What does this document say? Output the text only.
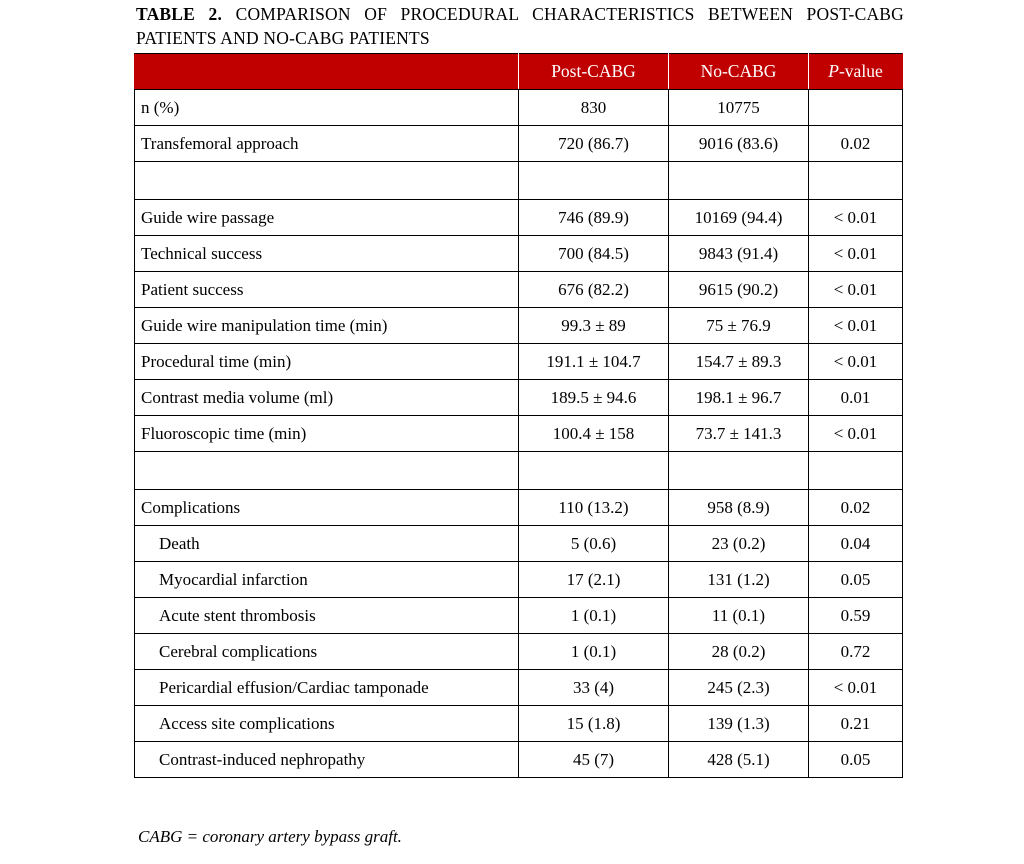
TABLE 2. COMPARISON OF PROCEDURAL CHARACTERISTICS BETWEEN POST-CABG PATIENTS AND NO-CABG PATIENTS
	Post-CABG	No-CABG	P-value
n (%)	830	10775	
Transfemoral approach	720 (86.7)	9016 (83.6)	0.02

Guide wire passage	746 (89.9)	10169 (94.4)	< 0.01
Technical success	700 (84.5)	9843 (91.4)	< 0.01
Patient success	676 (82.2)	9615 (90.2)	< 0.01
Guide wire manipulation time (min)	99.3 ± 89	75 ± 76.9	< 0.01
Procedural time (min)	191.1 ± 104.7	154.7 ± 89.3	< 0.01
Contrast media volume (ml)	189.5 ± 94.6	198.1 ± 96.7	0.01
Fluoroscopic time (min)	100.4 ± 158	73.7 ± 141.3	< 0.01

Complications	110 (13.2)	958 (8.9)	0.02
Death	5 (0.6)	23 (0.2)	0.04
Myocardial infarction	17 (2.1)	131 (1.2)	0.05
Acute stent thrombosis	1 (0.1)	11 (0.1)	0.59
Cerebral complications	1 (0.1)	28 (0.2)	0.72
Pericardial effusion/Cardiac tamponade	33 (4)	245 (2.3)	< 0.01
Access site complications	15 (1.8)	139 (1.3)	0.21
Contrast-induced nephropathy	45 (7)	428 (5.1)	0.05
CABG = coronary artery bypass graft.
